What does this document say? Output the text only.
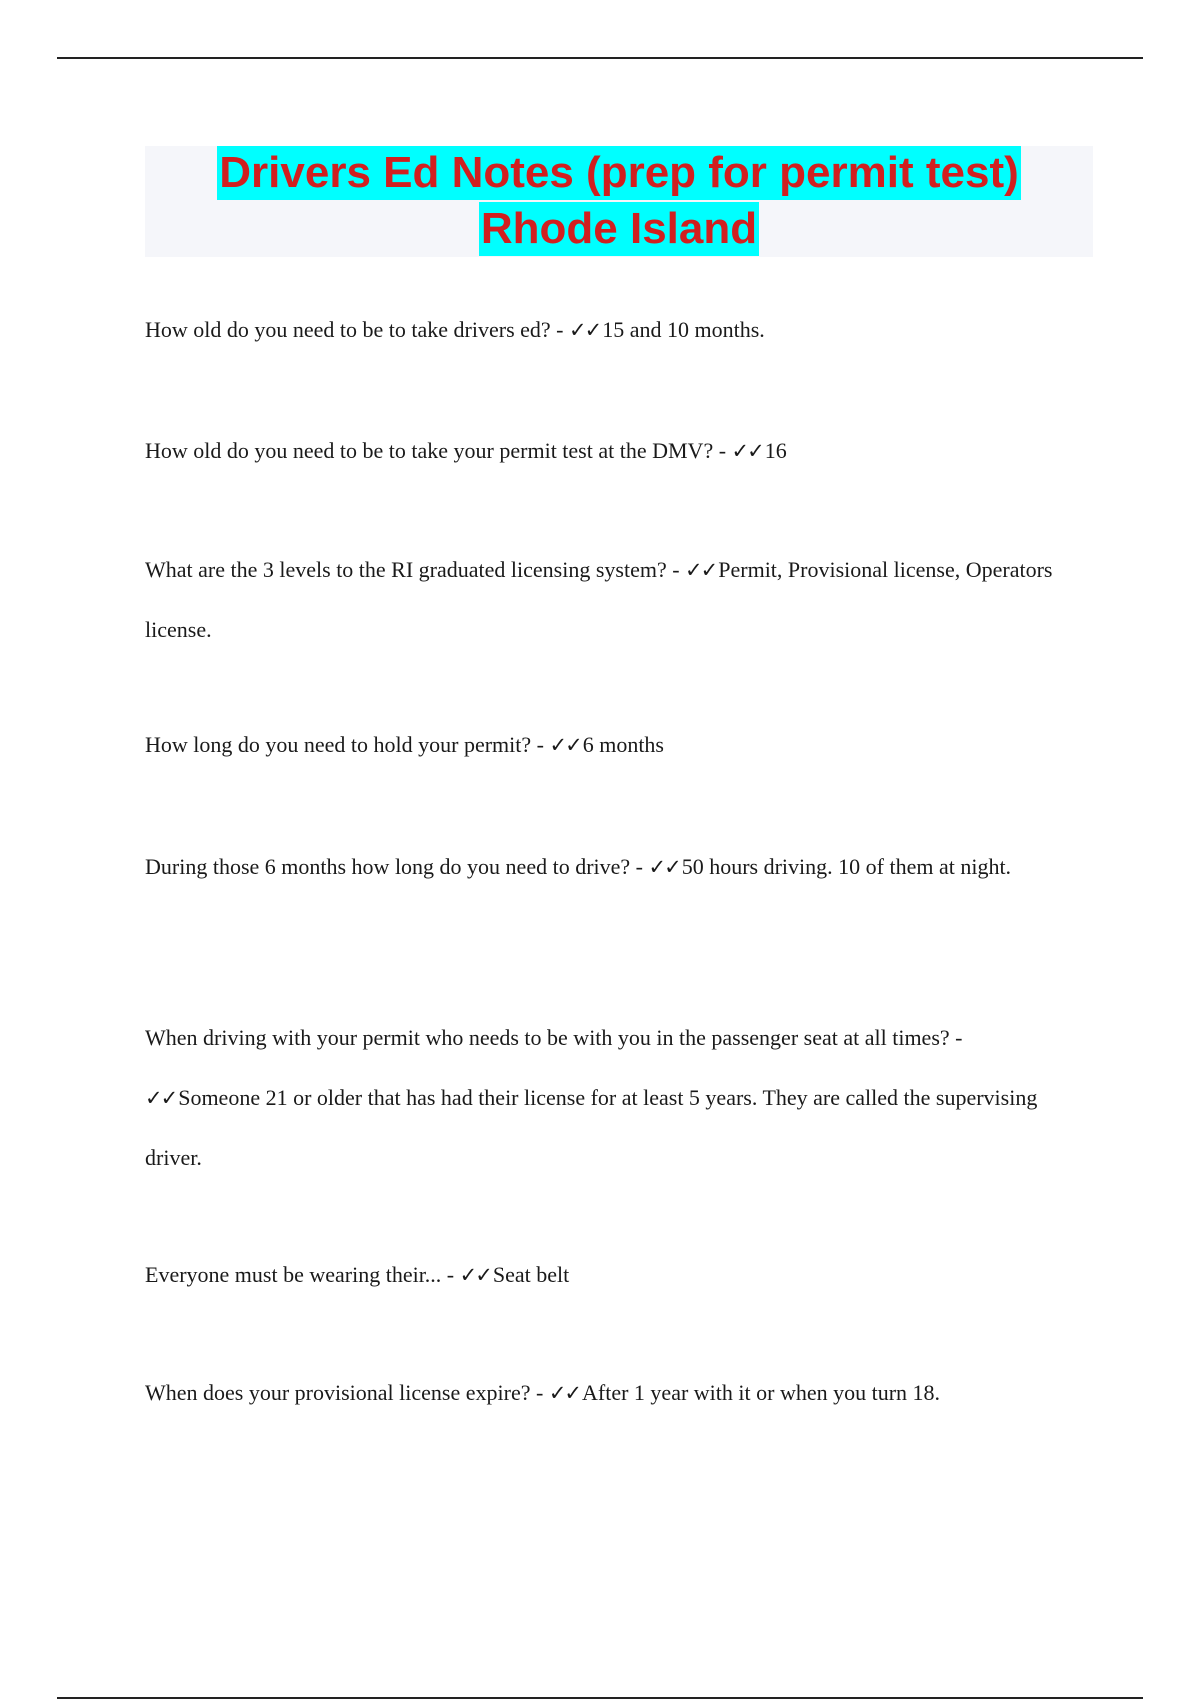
Drivers Ed Notes (prep for permit test)
Rhode Island

How old do you need to be to take drivers ed? - ✓✓15 and 10 months.

How old do you need to be to take your permit test at the DMV? - ✓✓16

What are the 3 levels to the RI graduated licensing system? - ✓✓Permit, Provisional license, Operators license.

How long do you need to hold your permit? - ✓✓6 months

During those 6 months how long do you need to drive? - ✓✓50 hours driving. 10 of them at night.

When driving with your permit who needs to be with you in the passenger seat at all times? - ✓✓Someone 21 or older that has had their license for at least 5 years. They are called the supervising driver.

Everyone must be wearing their... - ✓✓Seat belt

When does your provisional license expire? - ✓✓After 1 year with it or when you turn 18.
